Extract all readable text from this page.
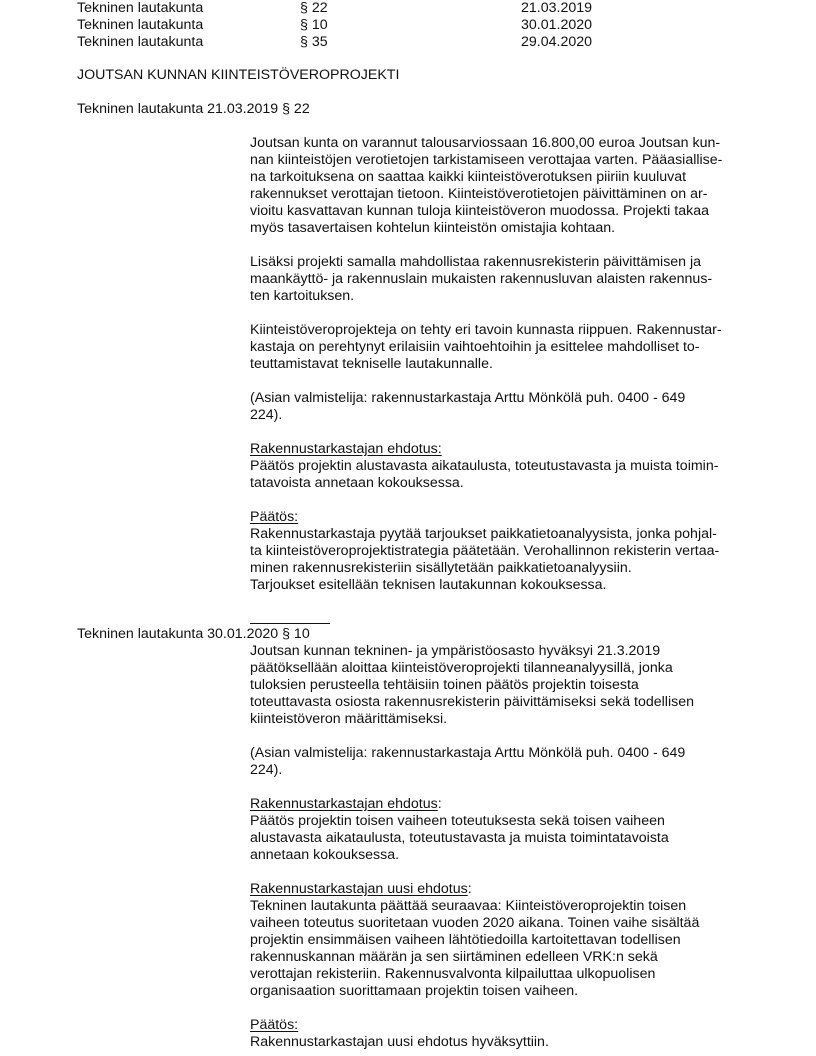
Tekninen lautakunta	§ 22	21.03.2019
Tekninen lautakunta	§ 10	30.01.2020
Tekninen lautakunta	§ 35	29.04.2020
JOUTSAN KUNNAN KIINTEISTÖVEROPROJEKTI
Tekninen lautakunta 21.03.2019 § 22
Joutsan kunta on varannut talousarviossaan 16.800,00 euroa Joutsan kun-
nan kiinteistöjen verotietojen tarkistamiseen verottajaa varten. Pääasiallise-
na tarkoituksena on saattaa kaikki kiinteistöverotuksen piiriin kuuluvat
rakennukset verottajan tietoon. Kiinteistöverotietojen päivittäminen on ar-
vioitu kasvattavan kunnan tuloja kiinteistöveron muodossa. Projekti takaa
myös tasavertaisen kohtelun kiinteistön omistajia kohtaan.
Lisäksi projekti samalla mahdollistaa rakennusrekisterin päivittämisen ja
maankäyttö- ja rakennuslain mukaisten rakennusluvan alaisten rakennus-
ten kartoituksen.
Kiinteistöveroprojekteja on tehty eri tavoin kunnasta riippuen. Rakennustar-
kastaja on perehtynyt erilaisiin vaihtoehtoihin ja esittelee mahdolliset to-
teuttamistavat tekniselle lautakunnalle.
(Asian valmistelija: rakennustarkastaja Arttu Mönkölä puh. 0400 - 649
224).
Rakennustarkastajan ehdotus:
Päätös projektin alustavasta aikataulusta, toteutustavasta ja muista toimin-
tatavoista annetaan kokouksessa.
Päätös:
Rakennustarkastaja pyytää tarjoukset paikkatietoanalyysista, jonka pohjal-
ta kiinteistöveroprojektistrategia päätetään. Verohallinnon rekisterin vertaa-
minen rakennusrekisteriin sisällytetään paikkatietoanalyysiin.
Tarjoukset esitellään teknisen lautakunnan kokouksessa.
Tekninen lautakunta 30.01.2020 § 10
Joutsan kunnan tekninen- ja ympäristöosasto hyväksyi 21.3.2019
päätöksellään aloittaa kiinteistöveroprojekti tilanneanalyysillä, jonka
tuloksien perusteella tehtäisiin toinen päätös projektin toisesta
toteuttavasta osiosta rakennusrekisterin päivittämiseksi sekä todellisen
kiinteistöveron määrittämiseksi.
(Asian valmistelija: rakennustarkastaja Arttu Mönkölä puh. 0400 - 649
224).
Rakennustarkastajan ehdotus:
Päätös projektin toisen vaiheen toteutuksesta sekä toisen vaiheen
alustavasta aikataulusta, toteutustavasta ja muista toimintatavoista
annetaan kokouksessa.
Rakennustarkastajan uusi ehdotus:
Tekninen lautakunta päättää seuraavaa: Kiinteistöveroprojektin toisen
vaiheen toteutus suoritetaan vuoden 2020 aikana. Toinen vaihe sisältää
projektin ensimmäisen vaiheen lähtötiedoilla kartoitettavan todellisen
rakennuskannan määrän ja sen siirtäminen edelleen VRK:n sekä
verottajan rekisteriin. Rakennusvalvonta kilpailuttaa ulkopuolisen
organisaation suorittamaan projektin toisen vaiheen.
Päätös:
Rakennustarkastajan uusi ehdotus hyväksyttiin.
